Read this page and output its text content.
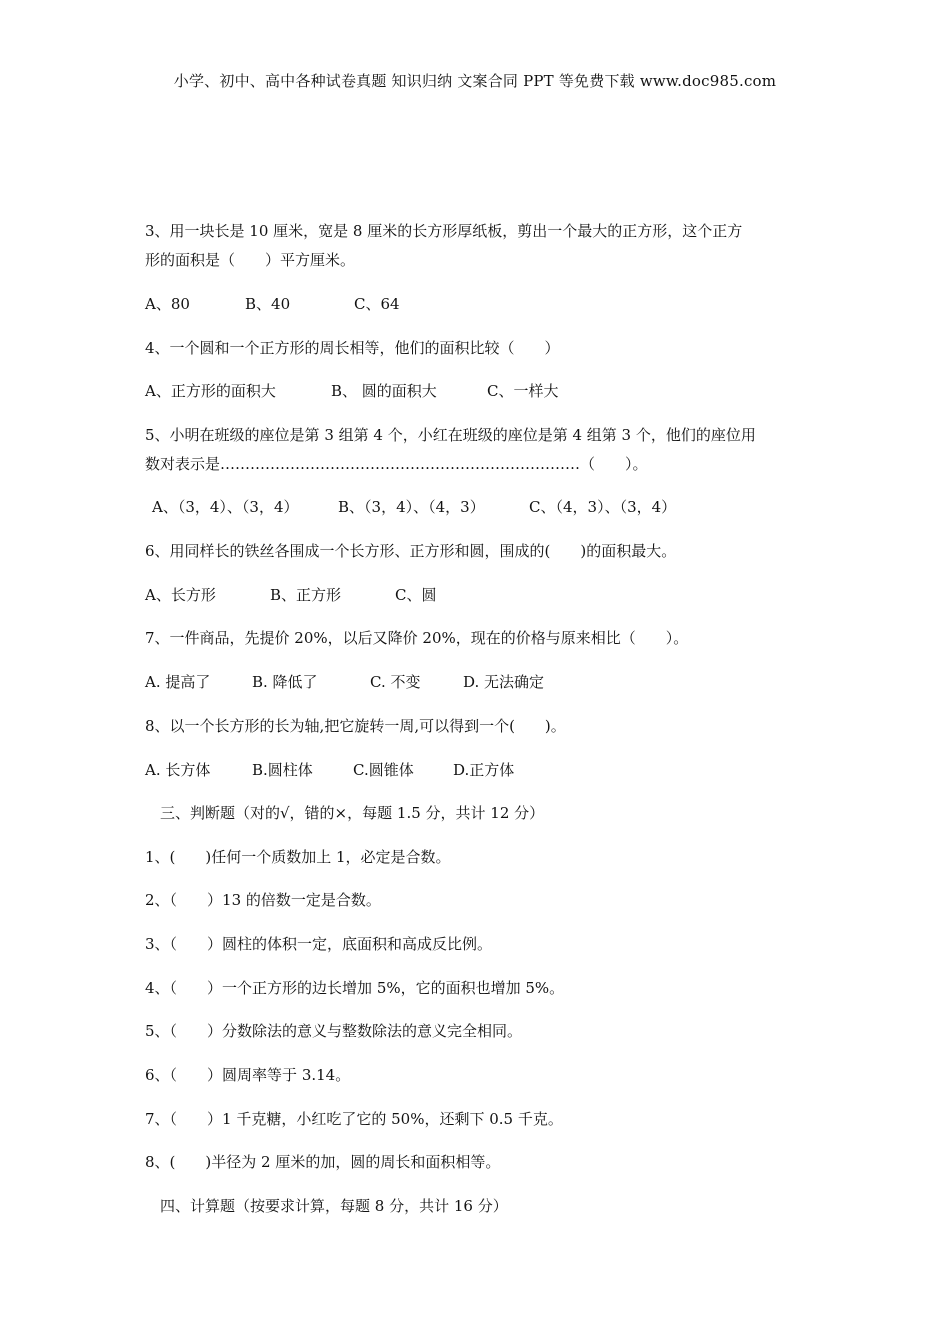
小学、初中、高中各种试卷真题 知识归纳 文案合同 PPT 等免费下载 www.doc985.com
3、用一块长是 10 厘米，宽是 8 厘米的长方形厚纸板，剪出一个最大的正方形，这个正方
形的面积是（　　）平方厘米。
A、80	B、40	C、64
4、一个圆和一个正方形的周长相等，他们的面积比较（　　）
A、正方形的面积大	B、 圆的面积大	C、一样大
5、小明在班级的座位是第 3 组第 4 个，小红在班级的座位是第 4 组第 3 个，他们的座位用
数对表示是………………………………………………………………（　　）。
A、（3，4）、（3，4）	B、（3，4）、（4，3）	C、（4，3）、（3，4）
6、用同样长的铁丝各围成一个长方形、正方形和圆，围成的(　　)的面积最大。
A、长方形	B、正方形	C、圆
7、一件商品，先提价 20%，以后又降价 20%，现在的价格与原来相比（　　）。
A. 提高了	B. 降低了	C. 不变	D. 无法确定
8、以一个长方形的长为轴,把它旋转一周,可以得到一个(　　)。
A. 长方体	B.圆柱体	C.圆锥体	D.正方体
三、判断题（对的√，错的×，每题 1.5 分，共计 12 分）
1、(　　)任何一个质数加上 1，必定是合数。
2、（　　）13 的倍数一定是合数。
3、（　　）圆柱的体积一定，底面积和高成反比例。
4、（　　）一个正方形的边长增加 5%，它的面积也增加 5%。
5、（　　）分数除法的意义与整数除法的意义完全相同。
6、（　　）圆周率等于 3.14。
7、（　　）1 千克糖，小红吃了它的 50%，还剩下 0.5 千克。
8、(　　)半径为 2 厘米的加，圆的周长和面积相等。
四、计算题（按要求计算，每题 8 分，共计 16 分）
